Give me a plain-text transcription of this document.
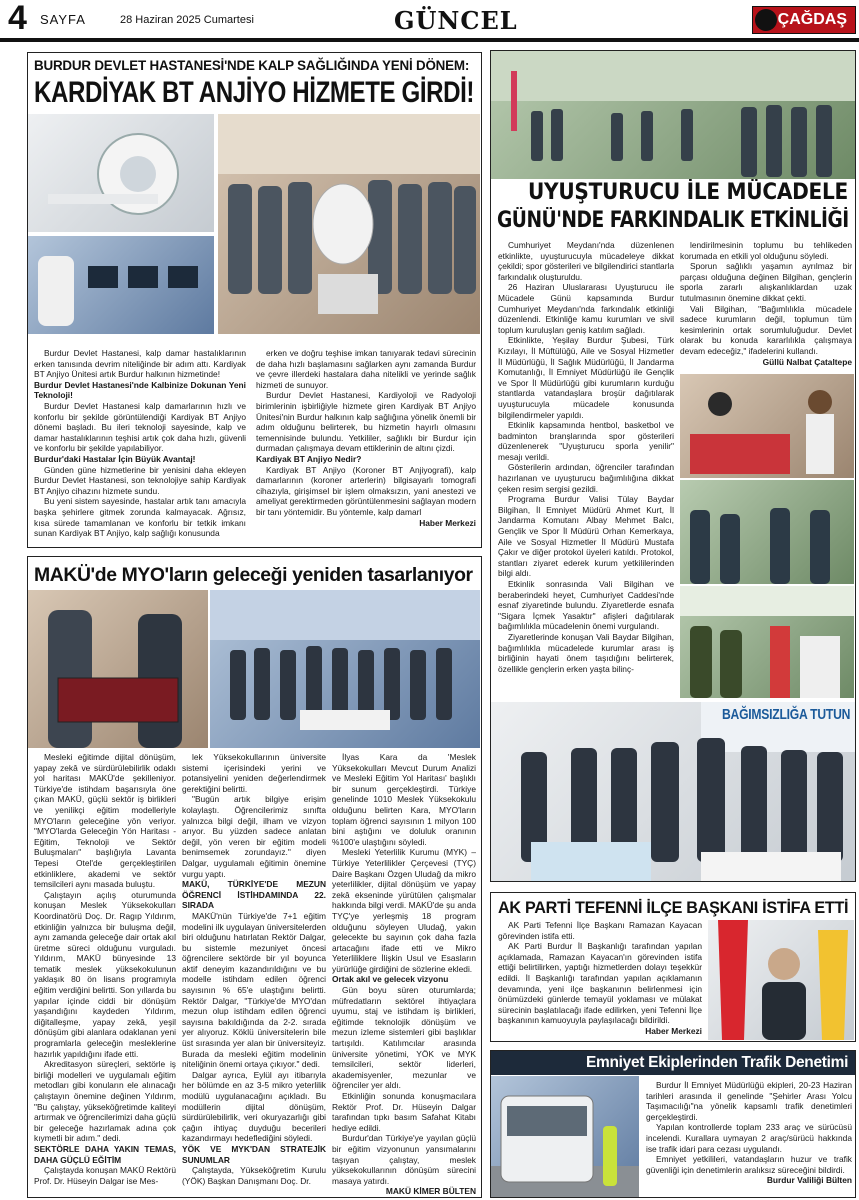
4 SAYFA	28 Haziran 2025 Cumartesi	GÜNCEL	ÇAĞDAŞ
BURDUR DEVLET HASTANESİ'NDE KALP SAĞLIĞINDA YENİ DÖNEM:
KARDİYAK BT ANJİYO HİZMETE GİRDİ!

Burdur Devlet Hastanesi, kalp damar hastalıklarının erken tanısında devrim niteliğinde bir adım attı. Kardiyak BT Anjiyo Ünitesi artık Burdur halkının hizmetinde!

Burdur Devlet Hastanesi'nde Kalbinize Dokunan Yeni Teknoloji!

Burdur Devlet Hastanesi kalp damarlarının hızlı ve konforlu bir şekilde görüntülendiği Kardiyak BT Anjiyo dönemi başladı. Bu ileri teknoloji sayesinde, kalp ve damar hastalıklarının teşhisi artık çok daha hızlı, güvenli ve konforlu bir şekilde yapılabiliyor.

Burdur'daki Hastalar İçin Büyük Avantaj!

Günden güne hizmetlerine bir yenisini daha ekleyen Burdur Devlet Hastanesi, son teknolojiye sahip Kardiyak BT Anjiyo cihazını hizmete sundu.

Bu yeni sistem sayesinde, hastalar artık tanı amacıyla başka şehirlere gitmek zorunda kalmayacak. Ağrısız, kısa sürede tamamlanan ve konforlu bir tetkik imkanı sunan Kardiyak BT Anjiyo, kalp sağlığı konusunda

erken ve doğru teşhise imkan tanıyarak tedavi sürecinin de daha hızlı başlamasını sağlarken aynı zamanda Burdur ve çevre illerdeki hastalara daha nitelikli ve yerinde sağlık hizmeti de sunuyor.

Burdur Devlet Hastanesi, Kardiyoloji ve Radyoloji birimlerinin işbirliğiyle hizmete giren Kardiyak BT Anjiyo Ünitesi'nin Burdur halkının kalp sağlığına yönelik önemli bir adım olduğunu belirterek, bu hizmetin hayırlı olmasını temennisinde bulundu. Yetkililer, sağlıklı bir Burdur için durmadan çalışmaya devam ettiklerinin de altını çizdi.

Kardiyak BT Anjiyo Nedir?

Kardiyak BT Anjiyo (Koroner BT Anjiyografi), kalp damarlarının (koroner arterlerin) bilgisayarlı tomografi cihazıyla, girişimsel bir işlem olmaksızın, yani anestezi ve ameliyat gerektirmeden görüntülenmesini sağlayan modern bir tanı yöntemidir. Bu yöntemle, kalp damarl

Haber Merkezi

MAKÜ'de MYO'ların geleceği yeniden tasarlanıyor

Mesleki eğitimde dijital dönüşüm, yapay zekâ ve sürdürülebilirlik odaklı yol haritası MAKÜ'de şekilleniyor. Türkiye'de istihdam başarısıyla öne çıkan MAKÜ, güçlü sektör iş birlikleri ve yenilikçi eğitim modelleriyle MYO'ların geleceğine yön veriyor. "MYO'larda Geleceğin Yön Haritası - Eğitim, Teknoloji ve Sektör Buluşmaları" başlığıyla Lavanta Tepesi Otel'de gerçekleştirilen etkinliklere, akademi ve sektör temsilcileri aynı masada buluştu.

Çalıştayın açılış oturumunda konuşan Meslek Yüksekokulları Koordinatörü Doç. Dr. Ragıp Yıldırım, etkinliğin yalnızca bir buluşma değil, aynı zamanda geleceğe dair ortak akıl üretme süreci olduğunu vurguladı. Yıldırım, MAKÜ bünyesinde 13 tematik meslek yüksekokulunun yaklaşık 80 ön lisans programıyla eğitim verdiğini belirtti. Son yıllarda bu yapılar içinde ciddi bir dönüşüm yaşandığını kaydeden Yıldırım, diğitalleşme, yapay zekâ, yeşil dönüşüm gibi alanlara odaklanan yeni programlarla geleceğin mesleklerine hazırlık yapıldığını ifade etti.

Akreditasyon süreçleri, sektörle iş birliği modelleri ve uygulamalı eğitim metodları gibi konuların ele alınacağı çalıştayın önemine değinen Yıldırım, "Bu çalıştay, yükseköğretimde kaliteyi artırmak ve öğrencilerimizi daha güçlü bir geleceğe hazırlamak adına çok kıymetli bir adım." dedi.

SEKTÖRLE DAHA YAKIN TEMAS, DAHA GÜÇLÜ EĞİTİM

Çalıştayda konuşan MAKÜ Rektörü Prof. Dr. Hüseyin Dalgar ise Mes-

lek Yüksekokullarının üniversite sistemi içerisindeki yerini ve potansiyelini yeniden değerlendirmek gerektiğini belirtti.

"Bugün artık bilgiye erişim kolaylaştı. Öğrencilerimiz sınıfta yalnızca bilgi değil, ilham ve vizyon arıyor. Bu yüzden sadece anlatan değil, yön veren bir eğitim modeli benimsemek zorundayız." diyen Dalgar, uygulamalı eğitimin önemine vurgu yaptı.

MAKÜ, TÜRKİYE'DE MEZUN ÖĞRENCİ İSTİHDAMINDA 22. SIRADA

MAKÜ'nün Türkiye'de 7+1 eğitim modelini ilk uygulayan üniversitelerden biri olduğunu hatırlatan Rektör Dalgar, bu sistemle mezuniyet öncesi öğrencilere sektörde bir yıl boyunca aktif deneyim kazandırıldığını ve bu modelle istihdam edilen öğrenci sayısının % 65'e ulaştığını belirtti. Rektör Dalgar, "Türkiye'de MYO'dan mezun olup istihdam edilen öğrenci sayısına bakıldığında da 2-2. sırada yer alıyoruz. Köklü üniversitelerin bile üst sırasında yer alan bir üniversiteyiz. Burada da mesleki eğitim modelinin niteliğinin önemi ortaya çıkıyor." dedi.

Dalgar ayrıca, Eylül ayı itibarıyla her bölümde en az 3-5 mikro yeterlilik modülü uygulanacağını açıkladı. Bu modüllerin dijital dönüşüm, sürdürülebilirlik, veri okuryazarlığı gibi çağın ihtiyaç duyduğu becerileri kazandırmayı hedeflediğini söyledi.

YÖK VE MYK'DAN STRATEJİK SUNUMLAR

Çalıştayda, Yükseköğretim Kurulu (YÖK) Başkan Danışmanı Doç. Dr.

İlyas Kara da 'Meslek Yüksekokulları Mevcut Durum Analizi ve Mesleki Eğitim Yol Haritası' başlıklı bir sunum gerçekleştirdi. Türkiye genelinde 1010 Meslek Yüksekokulu olduğunu belirten Kara, MYO'ların toplam öğrenci sayısının 1 milyon 100 bini aştığını ve doluluk oranının %100'e ulaştığını söyledi.

Mesleki Yeterlilik Kurumu (MYK) – Türkiye Yeterlilikler Çerçevesi (TYÇ) Daire Başkanı Özgen Uludağ da mikro yeterlilikler, dijital dönüşüm ve yapay zekâ ekseninde yürütülen çalışmalar hakkında bilgi verdi. MAKÜ'de şu anda TYÇ'ye yerleşmiş 18 program olduğunu söyleyen Uludağ, yakın gelecekte bu sayının çok daha fazla artacağını ifade etti ve Mikro Yeterliliklere İlişkin Usul ve Esasların yürürlüğe girdiğini de sözlerine ekledi.

Ortak akıl ve gelecek vizyonu

Gün boyu süren oturumlarda; müfredatların sektörel ihtiyaçlara uyumu, staj ve istihdam iş birlikleri, eğitimde teknolojik dönüşüm ve mezun izleme sistemleri gibi başlıklar tartışıldı. Katılımcılar arasında üniversite yönetimi, YÖK ve MYK temsilcileri, sektör liderleri, akademisyenler, mezunlar ve öğrenciler yer aldı.

Etkinliğin sonunda konuşmacılara Rektör Prof. Dr. Hüseyin Dalgar tarafından tıpkı basım Safahat Kitabı hediye edildi.

Burdur'dan Türkiye'ye yayılan güçlü bir eğitim vizyonunun yansımalarını taşıyan çalıştay, meslek yüksekokullarının dönüşüm sürecini masaya yatırdı.

MAKÜ KİMER BÜLTEN

UYUŞTURUCU İLE MÜCADELE
GÜNÜ'NDE FARKINDALIK ETKİNLİĞİ

Cumhuriyet Meydanı'nda düzenlenen etkinlikte, uyuşturucuyla mücadeleye dikkat çekildi; spor gösterileri ve bilgilendirici stantlarla farkındalık oluşturuldu.

26 Haziran Uluslararası Uyuşturucu ile Mücadele Günü kapsamında Burdur Cumhuriyet Meydanı'nda farkındalık etkinliği düzenlendi. Etkinliğe kamu kurumları ve sivil toplum kuruluşları geniş katılım sağladı.

Etkinlikte, Yeşilay Burdur Şubesi, Türk Kızılayı, İl Müftülüğü, Aile ve Sosyal Hizmetler İl Müdürlüğü, İl Sağlık Müdürlüğü, İl Jandarma Komutanlığı, İl Emniyet Müdürlüğü ile Gençlik ve Spor İl Müdürlüğü gibi kurumların kurduğu stantlarda vatandaşlara broşür dağıtılarak uyuşturucuyla mücadele konusunda bilgilendirmeler yapıldı.

Etkinlik kapsamında hentbol, basketbol ve badminton branşlarında spor gösterileri düzenlenerek "Uyuşturucu sporla yenilir" mesajı verildi.

Gösterilerin ardından, öğrenciler tarafından hazırlanan ve uyuşturucu bağımlılığına dikkat çeken resim sergisi gezildi.

Programa Burdur Valisi Tülay Baydar Bilgihan, İl Emniyet Müdürü Ahmet Kurt, İl Jandarma Komutanı Albay Mehmet Balcı, Gençlik ve Spor İl Müdürü Orhan Kemerkaya, Aile ve Sosyal Hizmetler İl Müdürü Mustafa Çakır ve diğer protokol üyeleri katıldı. Protokol, stantları ziyaret ederek kurum yetkililerinden bilgi aldı.

Etkinlik sonrasında Vali Bilgihan ve beraberindeki heyet, Cumhuriyet Caddesi'nde esnaf ziyaretinde bulundu. Ziyaretlerde esnafa "Sigara İçmek Yasaktır" afişleri dağıtılarak bağımlılıkla mücadelenin önemi vurgulandı.

Ziyaretlerinde konuşan Vali Baydar Bilgihan, bağımlılıkla mücadelede kurumlar arası iş birliğinin hayati önem taşıdığını belirterek, özellikle gençlerin erken yaşta bilinç-

lendirilmesinin toplumu bu tehlikeden korumada en etkili yol olduğunu söyledi.

Sporun sağlıklı yaşamın ayrılmaz bir parçası olduğuna değinen Bilgihan, gençlerin sporla zararlı alışkanlıklardan uzak tutulmasının önemine dikkat çekti.

Vali Bilgihan, "Bağımlılıkla mücadele sadece kurumların değil, toplumun tüm kesimlerinin ortak sorumluluğudur. Devlet olarak bu konuda kararlılıkla çalışmaya devam edeceğiz," ifadelerini kullandı.

Güllü Nalbat Çataltepe

BAĞIMSIZLIĞA TUTUN
AK PARTİ TEFENNİ İLÇE BAŞKANI İSTİFA ETTİ

AK Parti Tefenni İlçe Başkanı Ramazan Kayacan görevinden istifa etti.

AK Parti Burdur İl Başkanlığı tarafından yapılan açıklamada, Ramazan Kayacan'ın görevinden istifa ettiği belirtilirken, yaptığı hizmetlerden dolayı teşekkür edildi. İl Başkanlığı tarafından yapılan açıklamanın devamında, yeni ilçe başkanının belirlenmesi için önümüzdeki günlerde temayül yoklaması ve mülakat sürecinin başlatılacağı ifade edilirken, yeni Tefenni İlçe başkanının kamuoyuyla paylaşılacağı bildirildi.

Haber Merkezi

Emniyet Ekiplerinden Trafik Denetimi

Burdur İl Emniyet Müdürlüğü ekipleri, 20-23 Haziran tarihleri arasında il genelinde "Şehirler Arası Yolcu Taşımacılığı"na yönelik kapsamlı trafik denetimleri gerçekleştirdi.

Yapılan kontrollerde toplam 233 araç ve sürücüsü incelendi. Kurallara uymayan 2 araç/sürücü hakkında ise trafik idari para cezası uygulandı.

Emniyet yetkilileri, vatandaşların huzur ve trafik güvenliği için denetimlerin aralıksız süreceğini bildirdi.

Burdur Valiliği Bülten
